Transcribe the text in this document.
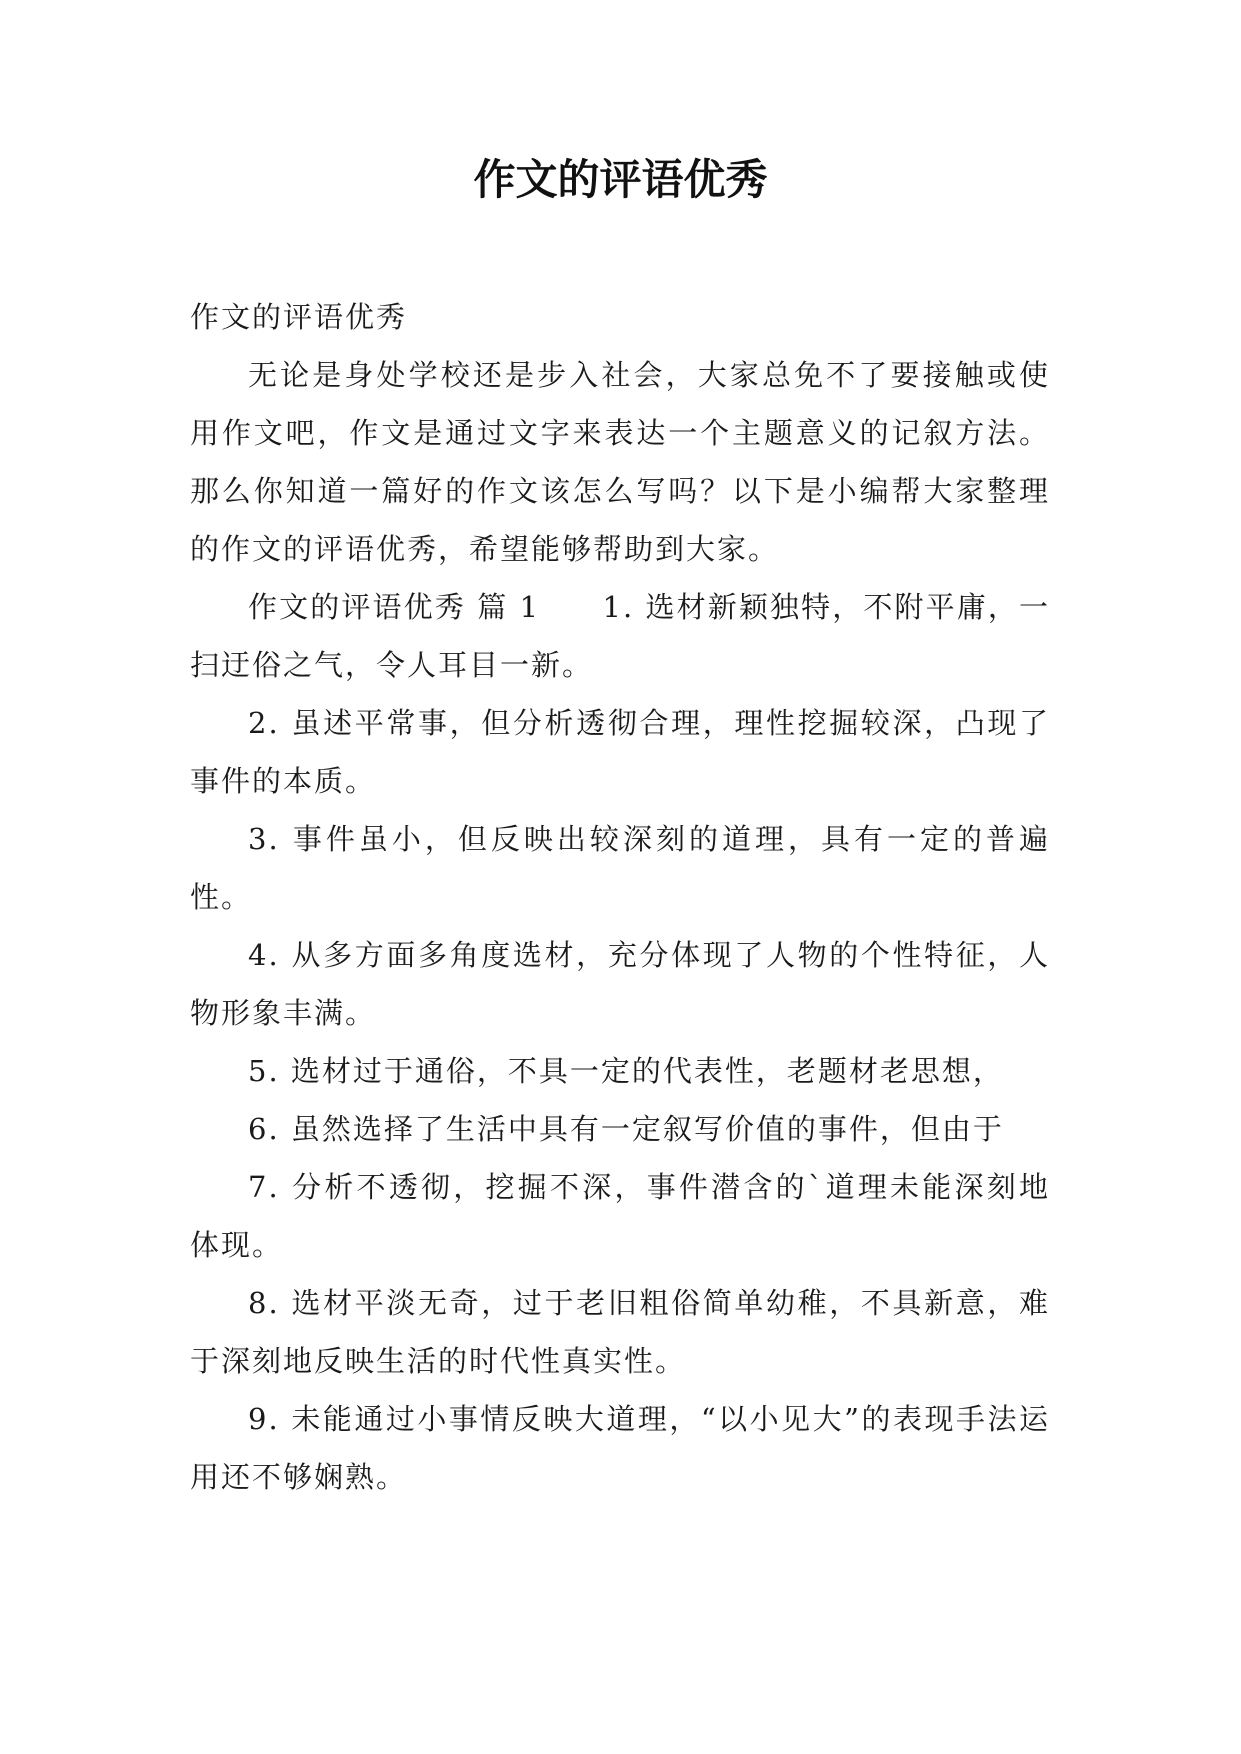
作文的评语优秀

作文的评语优秀

无论是身处学校还是步入社会，大家总免不了要接触或使用作文吧，作文是通过文字来表达一个主题意义的记叙方法。那么你知道一篇好的作文该怎么写吗？以下是小编帮大家整理的作文的评语优秀，希望能够帮助到大家。

作文的评语优秀 篇 1　　1. 选材新颖独特，不附平庸，一扫迂俗之气，令人耳目一新。

2. 虽述平常事，但分析透彻合理，理性挖掘较深，凸现了事件的本质。

3. 事件虽小，但反映出较深刻的道理，具有一定的普遍性。

4. 从多方面多角度选材，充分体现了人物的个性特征，人物形象丰满。

5. 选材过于通俗，不具一定的代表性，老题材老思想，

6. 虽然选择了生活中具有一定叙写价值的事件，但由于

7. 分析不透彻，挖掘不深，事件潜含的`道理未能深刻地体现。

8. 选材平淡无奇，过于老旧粗俗简单幼稚，不具新意，难于深刻地反映生活的时代性真实性。

9. 未能通过小事情反映大道理，“以小见大”的表现手法运用还不够娴熟。
